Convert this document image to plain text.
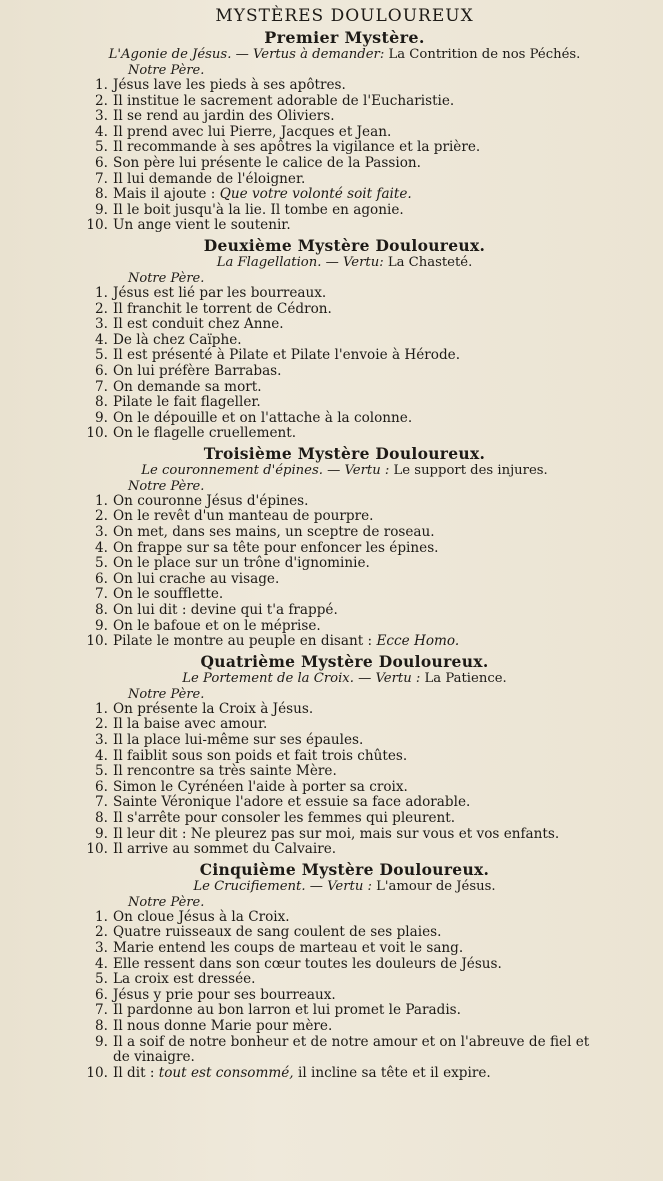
MYSTÈRES DOULOUREUX
Premier Mystère.

L'Agonie de Jésus. — Vertus à demander: La Contrition de nos Péchés.

Notre Père.

1. Jésus lave les pieds à ses apôtres.
2. Il institue le sacrement adorable de l'Eucharistie.
3. Il se rend au jardin des Oliviers.
4. Il prend avec lui Pierre, Jacques et Jean.
5. Il recommande à ses apôtres la vigilance et la prière.
6. Son père lui présente le calice de la Passion.
7. Il lui demande de l'éloigner.
8. Mais il ajoute : Que votre volonté soit faite.
9. Il le boit jusqu'à la lie. Il tombe en agonie.
10. Un ange vient le soutenir.
Deuxième Mystère Douloureux.

La Flagellation. — Vertu: La Chasteté.

Notre Père.

1. Jésus est lié par les bourreaux.
2. Il franchit le torrent de Cédron.
3. Il est conduit chez Anne.
4. De là chez Caïphe.
5. Il est présenté à Pilate et Pilate l'envoie à Hérode.
6. On lui préfère Barrabas.
7. On demande sa mort.
8. Pilate le fait flageller.
9. On le dépouille et on l'attache à la colonne.
10. On le flagelle cruellement.
Troisième Mystère Douloureux.

Le couronnement d'épines. — Vertu : Le support des injures.

Notre Père.

1. On couronne Jésus d'épines.
2. On le revêt d'un manteau de pourpre.
3. On met, dans ses mains, un sceptre de roseau.
4. On frappe sur sa tête pour enfoncer les épines.
5. On le place sur un trône d'ignominie.
6. On lui crache au visage.
7. On le soufflette.
8. On lui dit : devine qui t'a frappé.
9. On le bafoue et on le méprise.
10. Pilate le montre au peuple en disant : Ecce Homo.
Quatrième Mystère Douloureux.

Le Portement de la Croix. — Vertu : La Patience.

Notre Père.

1. On présente la Croix à Jésus.
2. Il la baise avec amour.
3. Il la place lui-même sur ses épaules.
4. Il faiblit sous son poids et fait trois chûtes.
5. Il rencontre sa très sainte Mère.
6. Simon le Cyrénéen l'aide à porter sa croix.
7. Sainte Véronique l'adore et essuie sa face adorable.
8. Il s'arrête pour consoler les femmes qui pleurent.
9. Il leur dit : Ne pleurez pas sur moi, mais sur vous et vos enfants.
10. Il arrive au sommet du Calvaire.
Cinquième Mystère Douloureux.

Le Crucifiement. — Vertu : L'amour de Jésus.

Notre Père.

1. On cloue Jésus à la Croix.
2. Quatre ruisseaux de sang coulent de ses plaies.
3. Marie entend les coups de marteau et voit le sang.
4. Elle ressent dans son cœur toutes les douleurs de Jésus.
5. La croix est dressée.
6. Jésus y prie pour ses bourreaux.
7. Il pardonne au bon larron et lui promet le Paradis.
8. Il nous donne Marie pour mère.
9. Il a soif de notre bonheur et de notre amour et on l'abreuve de fiel et de vinaigre.
10. Il dit : tout est consommé, il incline sa tête et il expire.
